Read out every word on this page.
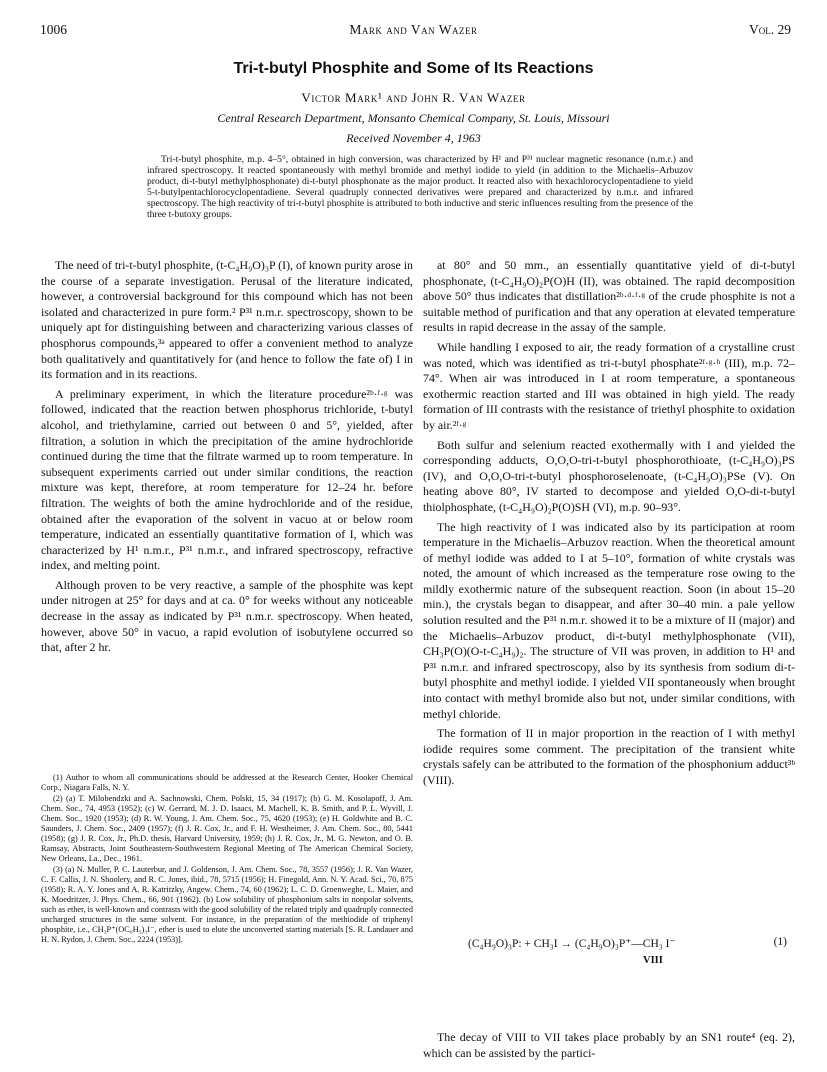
1006	Mark and Van Wazer	Vol. 29
Tri-t-butyl Phosphite and Some of Its Reactions
Victor Mark¹ and John R. Van Wazer
Central Research Department, Monsanto Chemical Company, St. Louis, Missouri
Received November 4, 1963

Tri-t-butyl phosphite, m.p. 4–5°, obtained in high conversion, was characterized by H¹ and P³¹ nuclear magnetic resonance (n.m.r.) and infrared spectroscopy. It reacted spontaneously with methyl bromide and methyl iodide to yield (in addition to the Michaelis–Arbuzov product, di-t-butyl methylphosphonate) di-t-butyl phosphonate as the major product. It reacted also with hexachlorocyclopentadiene to yield 5-t-butylpentachlorocyclopentadiene. Several quadruply connected derivatives were prepared and characterized by n.m.r. and infrared spectroscopy. The high reactivity of tri-t-butyl phosphite is attributed to both inductive and steric influences resulting from the presence of the three t-butoxy groups.

The need of tri-t-butyl phosphite, (t-C₄H₉O)₃P (I), of known purity arose in the course of a separate investigation. Perusal of the literature indicated, however, a controversial background for this compound which has not been isolated and characterized in pure form.² P³¹ n.m.r. spectroscopy, shown to be uniquely apt for distinguishing between and characterizing various classes of phosphorus compounds,³ᵃ appeared to offer a convenient method to analyze both qualitatively and quantitatively for (and hence to follow the fate of) I in its formation and in its reactions.

A preliminary experiment, in which the literature procedure²ᵇ·ᶠ·ᵍ was followed, indicated that the reaction betwen phosphorus trichloride, t-butyl alcohol, and triethylamine, carried out between 0 and 5°, yielded, after filtration, a solution in which the precipitation of the amine hydrochloride continued during the time that the filtrate warmed up to room temperature. In subsequent experiments carried out under similar conditions, the reaction mixture was kept, therefore, at room temperature for 12–24 hr. before filtration. The weights of both the amine hydrochloride and of the residue, obtained after the evaporation of the solvent in vacuo at or below room temperature, indicated an essentially quantitative formation of I, which was characterized by H¹ n.m.r., P³¹ n.m.r., and infrared spectroscopy, refractive index, and melting point.

Although proven to be very reactive, a sample of the phosphite was kept under nitrogen at 25° for days and at ca. 0° for weeks without any noticeable decrease in the assay as indicated by P³¹ n.m.r. spectroscopy. When heated, however, above 50° in vacuo, a rapid evolution of isobutylene occurred so that, after 2 hr.

(1) Author to whom all communications should be addressed at the Research Center, Hooker Chemical Corp., Niagara Falls, N. Y.

(2) (a) T. Milobendzki and A. Sachnowski, Chem. Polski, 15, 34 (1917); (b) G. M. Kosolapoff, J. Am. Chem. Soc., 74, 4953 (1952); (c) W. Gerrard, M. J. D. Isaacs, M. Machell, K. B. Smith, and P. L. Wyvill, J. Chem. Soc., 1920 (1953); (d) R. W. Young, J. Am. Chem. Soc., 75, 4620 (1953); (e) H. Goldwhite and B. C. Saunders, J. Chem. Soc., 2409 (1957); (f) J. R. Cox, Jr., and F. H. Westheimer, J. Am. Chem. Soc., 80, 5441 (1958); (g) J. R. Cox, Jr., Ph.D. thesis, Harvard University, 1959; (h) J. R. Cox, Jr., M. G. Newton, and O. B. Ramsay, Abstracts, Joint Southeastern-Southwestern Regional Meeting of The American Chemical Society, New Orleans, La., Dec., 1961.

(3) (a) N. Muller, P. C. Lauterbur, and J. Goldenson, J. Am. Chem. Soc., 78, 3557 (1956); J. R. Van Wazer, C. F. Callis, J. N. Shoolery, and R. C. Jones, ibid., 78, 5715 (1956); H. Finegold, Ann. N. Y. Acad. Sci., 70, 875 (1958); R. A. Y. Jones and A. R. Katritzky, Angew. Chem., 74, 60 (1962); L. C. D. Groenweghe, L. Maier, and K. Moedritzer, J. Phys. Chem., 66, 901 (1962). (b) Low solubility of phosphonium salts in nonpolar solvents, such as ether, is well-known and contrasts with the good solubility of the related triply and quadruply connected uncharged structures in the same solvent. For instance, in the preparation of the methiodide of triphenyl phosphite, i.e., CH₃P⁺(OC₆H₅)₃I⁻, ether is used to elute the unconverted starting materials [S. R. Landauer and H. N. Rydon, J. Chem. Soc., 2224 (1953)].

at 80° and 50 mm., an essentially quantitative yield of di-t-butyl phosphonate, (t-C₄H₉O)₂P(O)H (II), was obtained. The rapid decomposition above 50° thus indicates that distillation²ᵇ·ᵈ·ᶠ·ᵍ of the crude phosphite is not a suitable method of purification and that any operation at elevated temperature results in rapid decrease in the assay of the sample.

While handling I exposed to air, the ready formation of a crystalline crust was noted, which was identified as tri-t-butyl phosphate²ᶠ·ᵍ·ʰ (III), m.p. 72–74°. When air was introduced in I at room temperature, a spontaneous exothermic reaction started and III was obtained in high yield. The ready formation of III contrasts with the resistance of triethyl phosphite to oxidation by air.²ᶠ·ᵍ

Both sulfur and selenium reacted exothermally with I and yielded the corresponding adducts, O,O,O-tri-t-butyl phosphorothioate, (t-C₄H₉O)₃PS (IV), and O,O,O-tri-t-butyl phosphoroselenoate, (t-C₄H₉O)₃PSe (V). On heating above 80°, IV started to decompose and yielded O,O-di-t-butyl thiolphosphate, (t-C₄H₉O)₂P(O)SH (VI), m.p. 90–93°.

The high reactivity of I was indicated also by its participation at room temperature in the Michaelis–Arbuzov reaction. When the theoretical amount of methyl iodide was added to I at 5–10°, formation of white crystals was noted, the amount of which increased as the temperature rose owing to the mildly exothermic nature of the subsequent reaction. Soon (in about 15–20 min.), the crystals began to disappear, and after 30–40 min. a pale yellow solution resulted and the P³¹ n.m.r. showed it to be a mixture of II (major) and the Michaelis–Arbuzov product, di-t-butyl methylphosphonate (VII), CH₃P(O)(O-t-C₄H₉)₂. The structure of VII was proven, in addition to H¹ and P³¹ n.m.r. and infrared spectroscopy, also by its synthesis from sodium di-t-butyl phosphite and methyl iodide. I yielded VII spontaneously when brought into contact with methyl bromide also but not, under similar conditions, with methyl chloride.

The formation of II in major proportion in the reaction of I with methyl iodide requires some comment. The precipitation of the transient white crystals safely can be attributed to the formation of the phosphonium adduct³ᵇ (VIII).

(C₄H₉O)₃P: + CH₃I → (C₄H₉O)₃P⁺—CH₃ I⁻	(1)
VIII

The decay of VIII to VII takes place probably by an SN1 route⁴ (eq. 2), which can be assisted by the partici-
